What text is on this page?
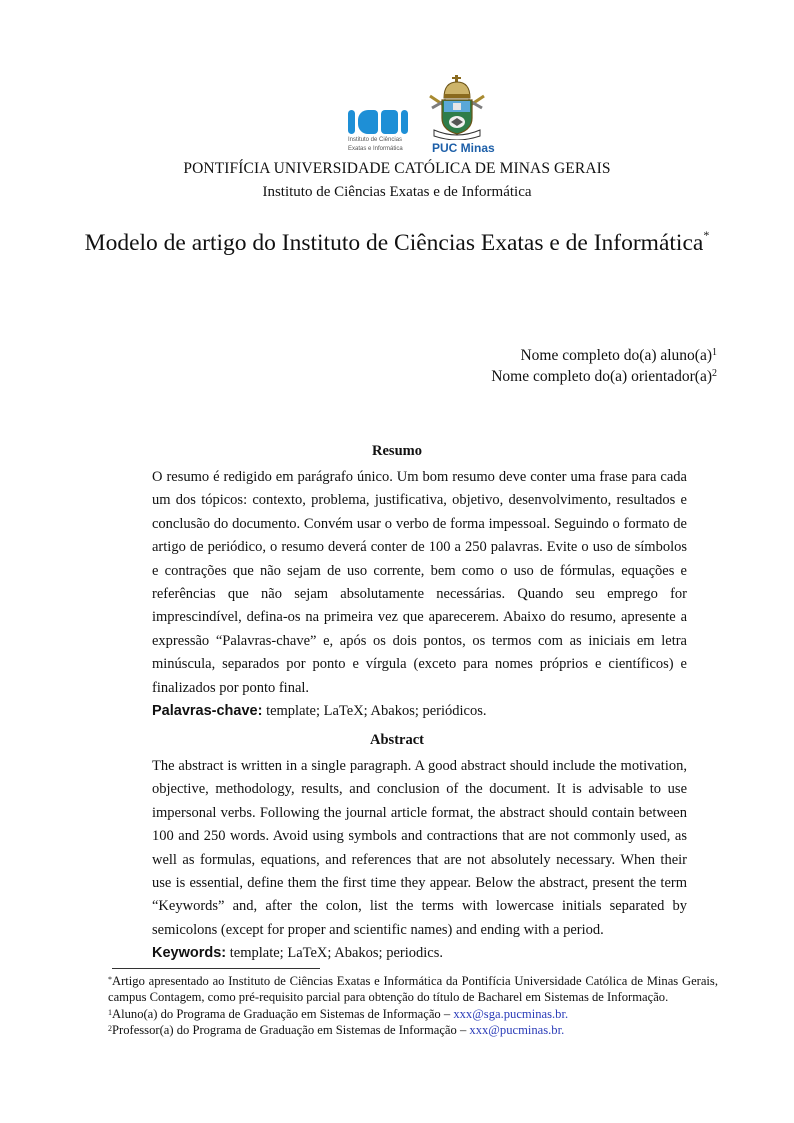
Instituto de Ciências
Exatas e Informática	PUC Minas
PONTIFÍCIA UNIVERSIDADE CATÓLICA DE MINAS GERAIS
Instituto de Ciências Exatas e de Informática
Modelo de artigo do Instituto de Ciências Exatas e de Informática*
Nome completo do(a) $aluno(a)^1$
Nome completo do(a) $orientador(a)^2$
Resumo
O resumo é redigido em parágrafo único. Um bom resumo deve conter uma frase para cada um dos tópicos: contexto, problema, justificativa, objetivo, desenvolvimento, resultados e conclusão do documento. Convém usar o verbo de forma impessoal. Seguindo o formato de artigo de periódico, o resumo deverá conter de 100 a 250 palavras. Evite o uso de símbolos e contrações que não sejam de uso corrente, bem como o uso de fórmulas, equações e referências que não sejam absolutamente necessárias. Quando seu emprego for imprescindível, defina-os na primeira vez que aparecerem. Abaixo do resumo, apresente a expressão “Palavras-chave” e, após os dois pontos, os termos com as iniciais em letra minúscula, separados por ponto e vírgula (exceto para nomes próprios e científicos) e finalizados por ponto final.
Palavras-chave: template; LaTeX; Abakos; periódicos.
Abstract
The abstract is written in a single paragraph. A good abstract should include the motivation, objective, methodology, results, and conclusion of the document. It is advisable to use impersonal verbs. Following the journal article format, the abstract should contain between 100 and 250 words. Avoid using symbols and contractions that are not commonly used, as well as formulas, equations, and references that are not absolutely necessary. When their use is essential, define them the first time they appear. Below the abstract, present the term “Keywords” and, after the colon, list the terms with lowercase initials separated by semicolons (except for proper and scientific names) and ending with a period.
Keywords: template; LaTeX; Abakos; periodics.
*Artigo apresentado ao Instituto de Ciências Exatas e Informática da Pontifícia Universidade Católica de Minas Gerais, campus Contagem, como pré-requisito parcial para obtenção do título de Bacharel em Sistemas de Informação.
$^1$Aluno(a) do Programa de Graduação em Sistemas de Informação – xxx@sga.pucminas.br.
$^2$Professor(a) do Programa de Graduação em Sistemas de Informação – xxx@pucminas.br.
